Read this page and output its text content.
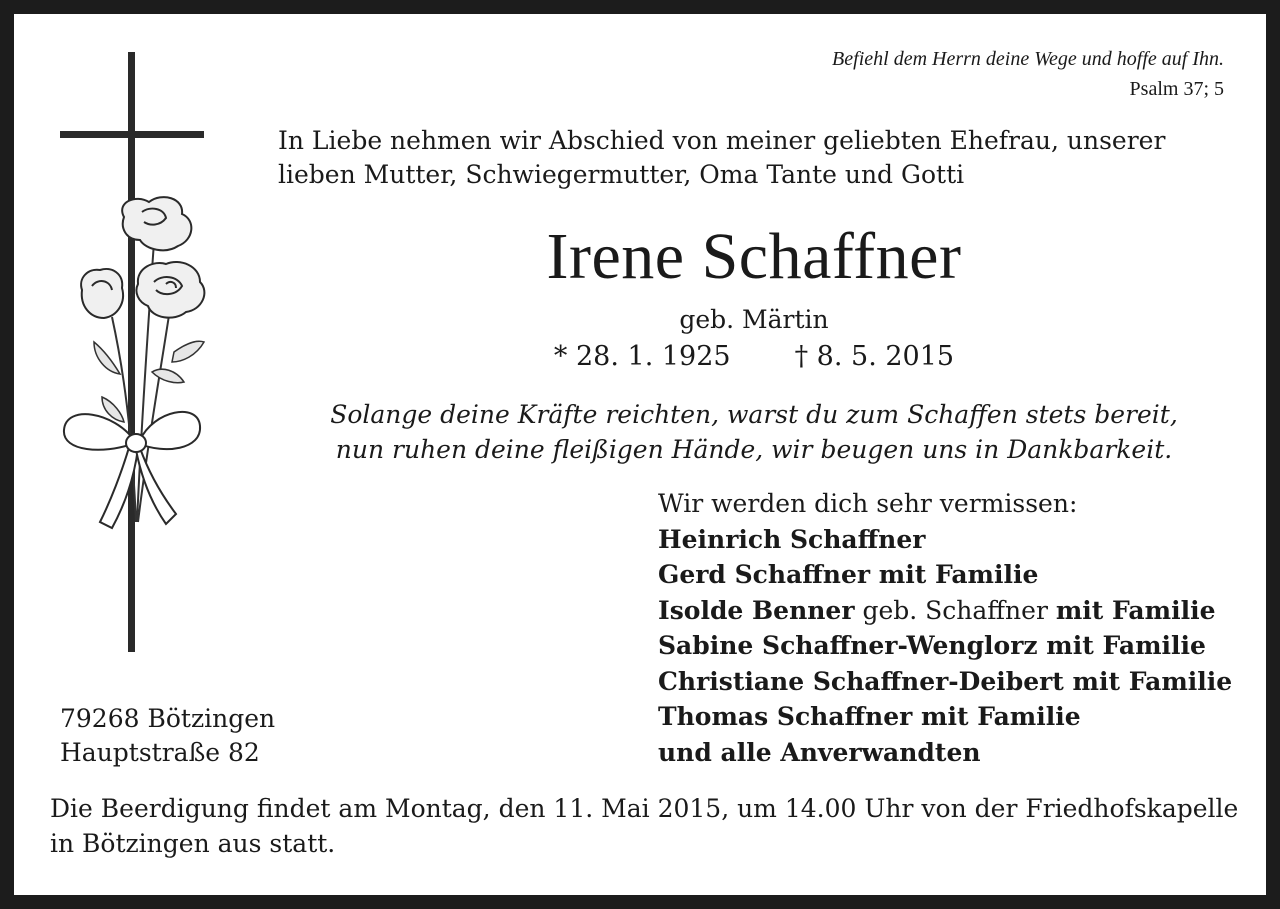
Befiehl dem Herrn deine Wege und hoffe auf Ihn.
Psalm 37; 5
In Liebe nehmen wir Abschied von meiner geliebten Ehefrau, unserer lieben Mutter, Schwiegermutter, Oma Tante und Gotti
Irene Schaffner
geb. Märtin
* 28. 1. 1925 † 8. 5. 2015
Solange deine Kräfte reichten, warst du zum Schaffen stets bereit,
nun ruhen deine fleißigen Hände, wir beugen uns in Dankbarkeit.
Wir werden dich sehr vermissen:
Heinrich Schaffner
Gerd Schaffner mit Familie
Isolde Benner geb. Schaffner mit Familie
Sabine Schaffner-Wenglorz mit Familie
Christiane Schaffner-Deibert mit Familie
Thomas Schaffner mit Familie
und alle Anverwandten
79268 Bötzingen
Hauptstraße 82
Die Beerdigung findet am Montag, den 11. Mai 2015, um 14.00 Uhr von der Friedhofskapelle in Bötzingen aus statt.
